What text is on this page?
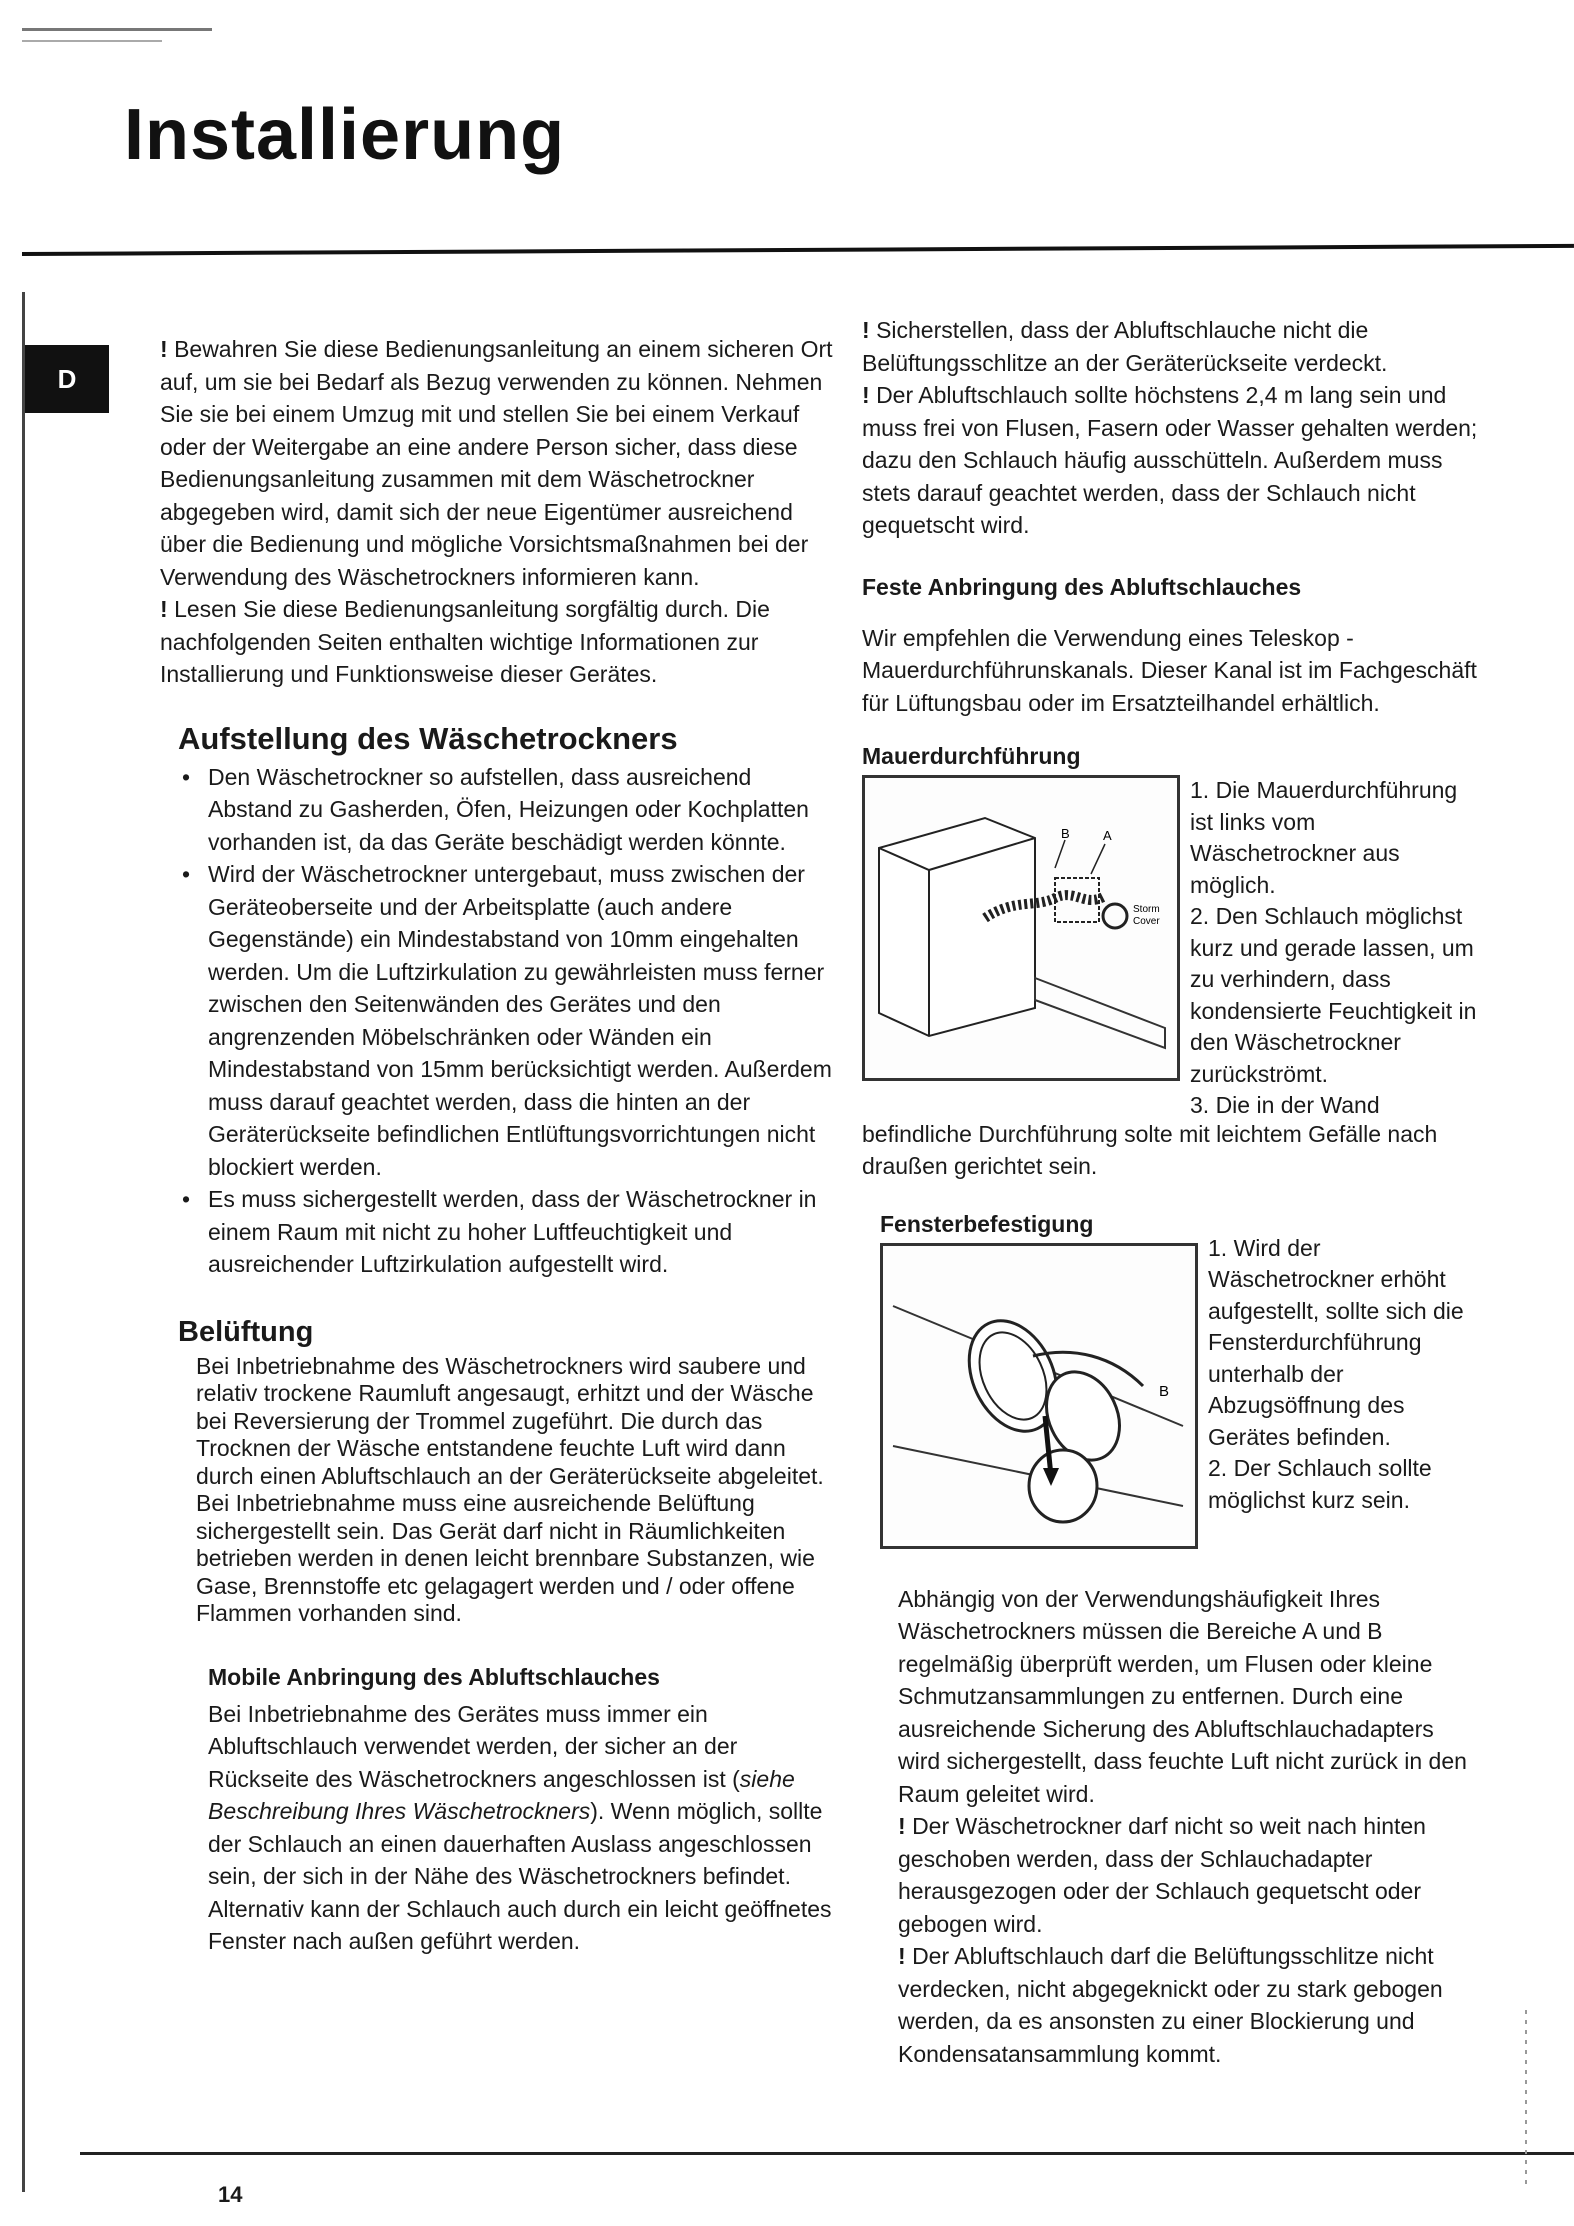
Installierung
D

! Bewahren Sie diese Bedienungsanleitung an einem sicheren Ort auf, um sie bei Bedarf als Bezug verwenden zu können. Nehmen Sie sie bei einem Umzug mit und stellen Sie bei einem Verkauf oder der Weitergabe an eine andere Person sicher, dass diese Bedienungsanleitung zusammen mit dem Wäschetrockner abgegeben wird, damit sich der neue Eigentümer ausreichend über die Bedienung und mögliche Vorsichtsmaßnahmen bei der Verwendung des Wäschetrockners informieren kann.

! Lesen Sie diese Bedienungsanleitung sorgfältig durch. Die nachfolgenden Seiten enthalten wichtige Informationen zur Installierung und Funktionsweise dieser Gerätes.

Aufstellung des Wäschetrockners
• Den Wäschetrockner so aufstellen, dass ausreichend Abstand zu Gasherden, Öfen, Heizungen oder Kochplatten vorhanden ist, da das Geräte beschädigt werden könnte.
• Wird der Wäschetrockner untergebaut, muss zwischen der Geräteoberseite und der Arbeitsplatte (auch andere Gegenstände) ein Mindestabstand von 10mm eingehalten werden. Um die Luftzirkulation zu gewährleisten muss ferner zwischen den Seitenwänden des Gerätes und den angrenzenden Möbelschränken oder Wänden ein Mindestabstand von 15mm berücksichtigt werden. Außerdem muss darauf geachtet werden, dass die hinten an der Geräterückseite befindlichen Entlüftungsvorrichtungen nicht blockiert werden.
• Es muss sichergestellt werden, dass der Wäschetrockner in einem Raum mit nicht zu hoher Luftfeuchtigkeit und ausreichender Luftzirkulation aufgestellt wird.
Belüftung

Bei Inbetriebnahme des Wäschetrockners wird saubere und relativ trockene Raumluft angesaugt, erhitzt und der Wäsche bei Reversierung der Trommel zugeführt. Die durch das Trocknen der Wäsche entstandene feuchte Luft wird dann durch einen Abluftschlauch an der Geräterückseite abgeleitet. Bei Inbetriebnahme muss eine ausreichende Belüftung sichergestellt sein. Das Gerät darf nicht in Räumlichkeiten betrieben werden in denen leicht brennbare Substanzen, wie Gase, Brennstoffe etc gelagagert werden und / oder offene Flammen vorhanden sind.

Mobile Anbringung des Abluftschlauches

Bei Inbetriebnahme des Gerätes muss immer ein Abluftschlauch verwendet werden, der sicher an der Rückseite des Wäschetrockners angeschlossen ist (siehe Beschreibung Ihres Wäschetrockners). Wenn möglich, sollte der Schlauch an einen dauerhaften Auslass angeschlossen sein, der sich in der Nähe des Wäschetrockners befindet. Alternativ kann der Schlauch auch durch ein leicht geöffnetes Fenster nach außen geführt werden.

! Sicherstellen, dass der Abluftschlauche nicht die Belüftungsschlitze an der Geräterückseite verdeckt.

! Der Abluftschlauch sollte höchstens 2,4 m lang sein und muss frei von Flusen, Fasern oder Wasser gehalten werden; dazu den Schlauch häufig ausschütteln. Außerdem muss stets darauf geachtet werden, dass der Schlauch nicht gequetscht wird.

Feste Anbringung des Abluftschlauches

Wir empfehlen die Verwendung eines Teleskop - Mauerdurchführunskanals. Dieser Kanal ist im Fachgeschäft für Lüftungsbau oder im Ersatzteilhandel erhältlich.

Mauerdurchführung
B	A
Storm
Cover

1. Die Mauerdurchführung ist links vom Wäschetrockner aus möglich.
2. Den Schlauch möglichst kurz und gerade lassen, um zu verhindern, dass kondensierte Feuchtigkeit in den Wäschetrockner zurückströmt.
3. Die in der Wand

befindliche Durchführung solte mit leichtem Gefälle nach draußen gerichtet sein.

Fensterbefestigung
B

1. Wird der Wäschetrockner erhöht aufgestellt, sollte sich die Fensterdurchführung unterhalb der Abzugsöffnung des Gerätes befinden.
2. Der Schlauch sollte möglichst kurz sein.

Abhängig von der Verwendungshäufigkeit Ihres Wäschetrockners müssen die Bereiche A und B regelmäßig überprüft werden, um Flusen oder kleine Schmutzansammlungen zu entfernen. Durch eine ausreichende Sicherung des Abluftschlauchadapters wird sichergestellt, dass feuchte Luft nicht zurück in den Raum geleitet wird.

! Der Wäschetrockner darf nicht so weit nach hinten geschoben werden, dass der Schlauchadapter herausgezogen oder der Schlauch gequetscht oder gebogen wird.

! Der Abluftschlauch darf die Belüftungsschlitze nicht verdecken, nicht abgegeknickt oder zu stark gebogen werden, da es ansonsten zu einer Blockierung und Kondensatansammlung kommt.

14
